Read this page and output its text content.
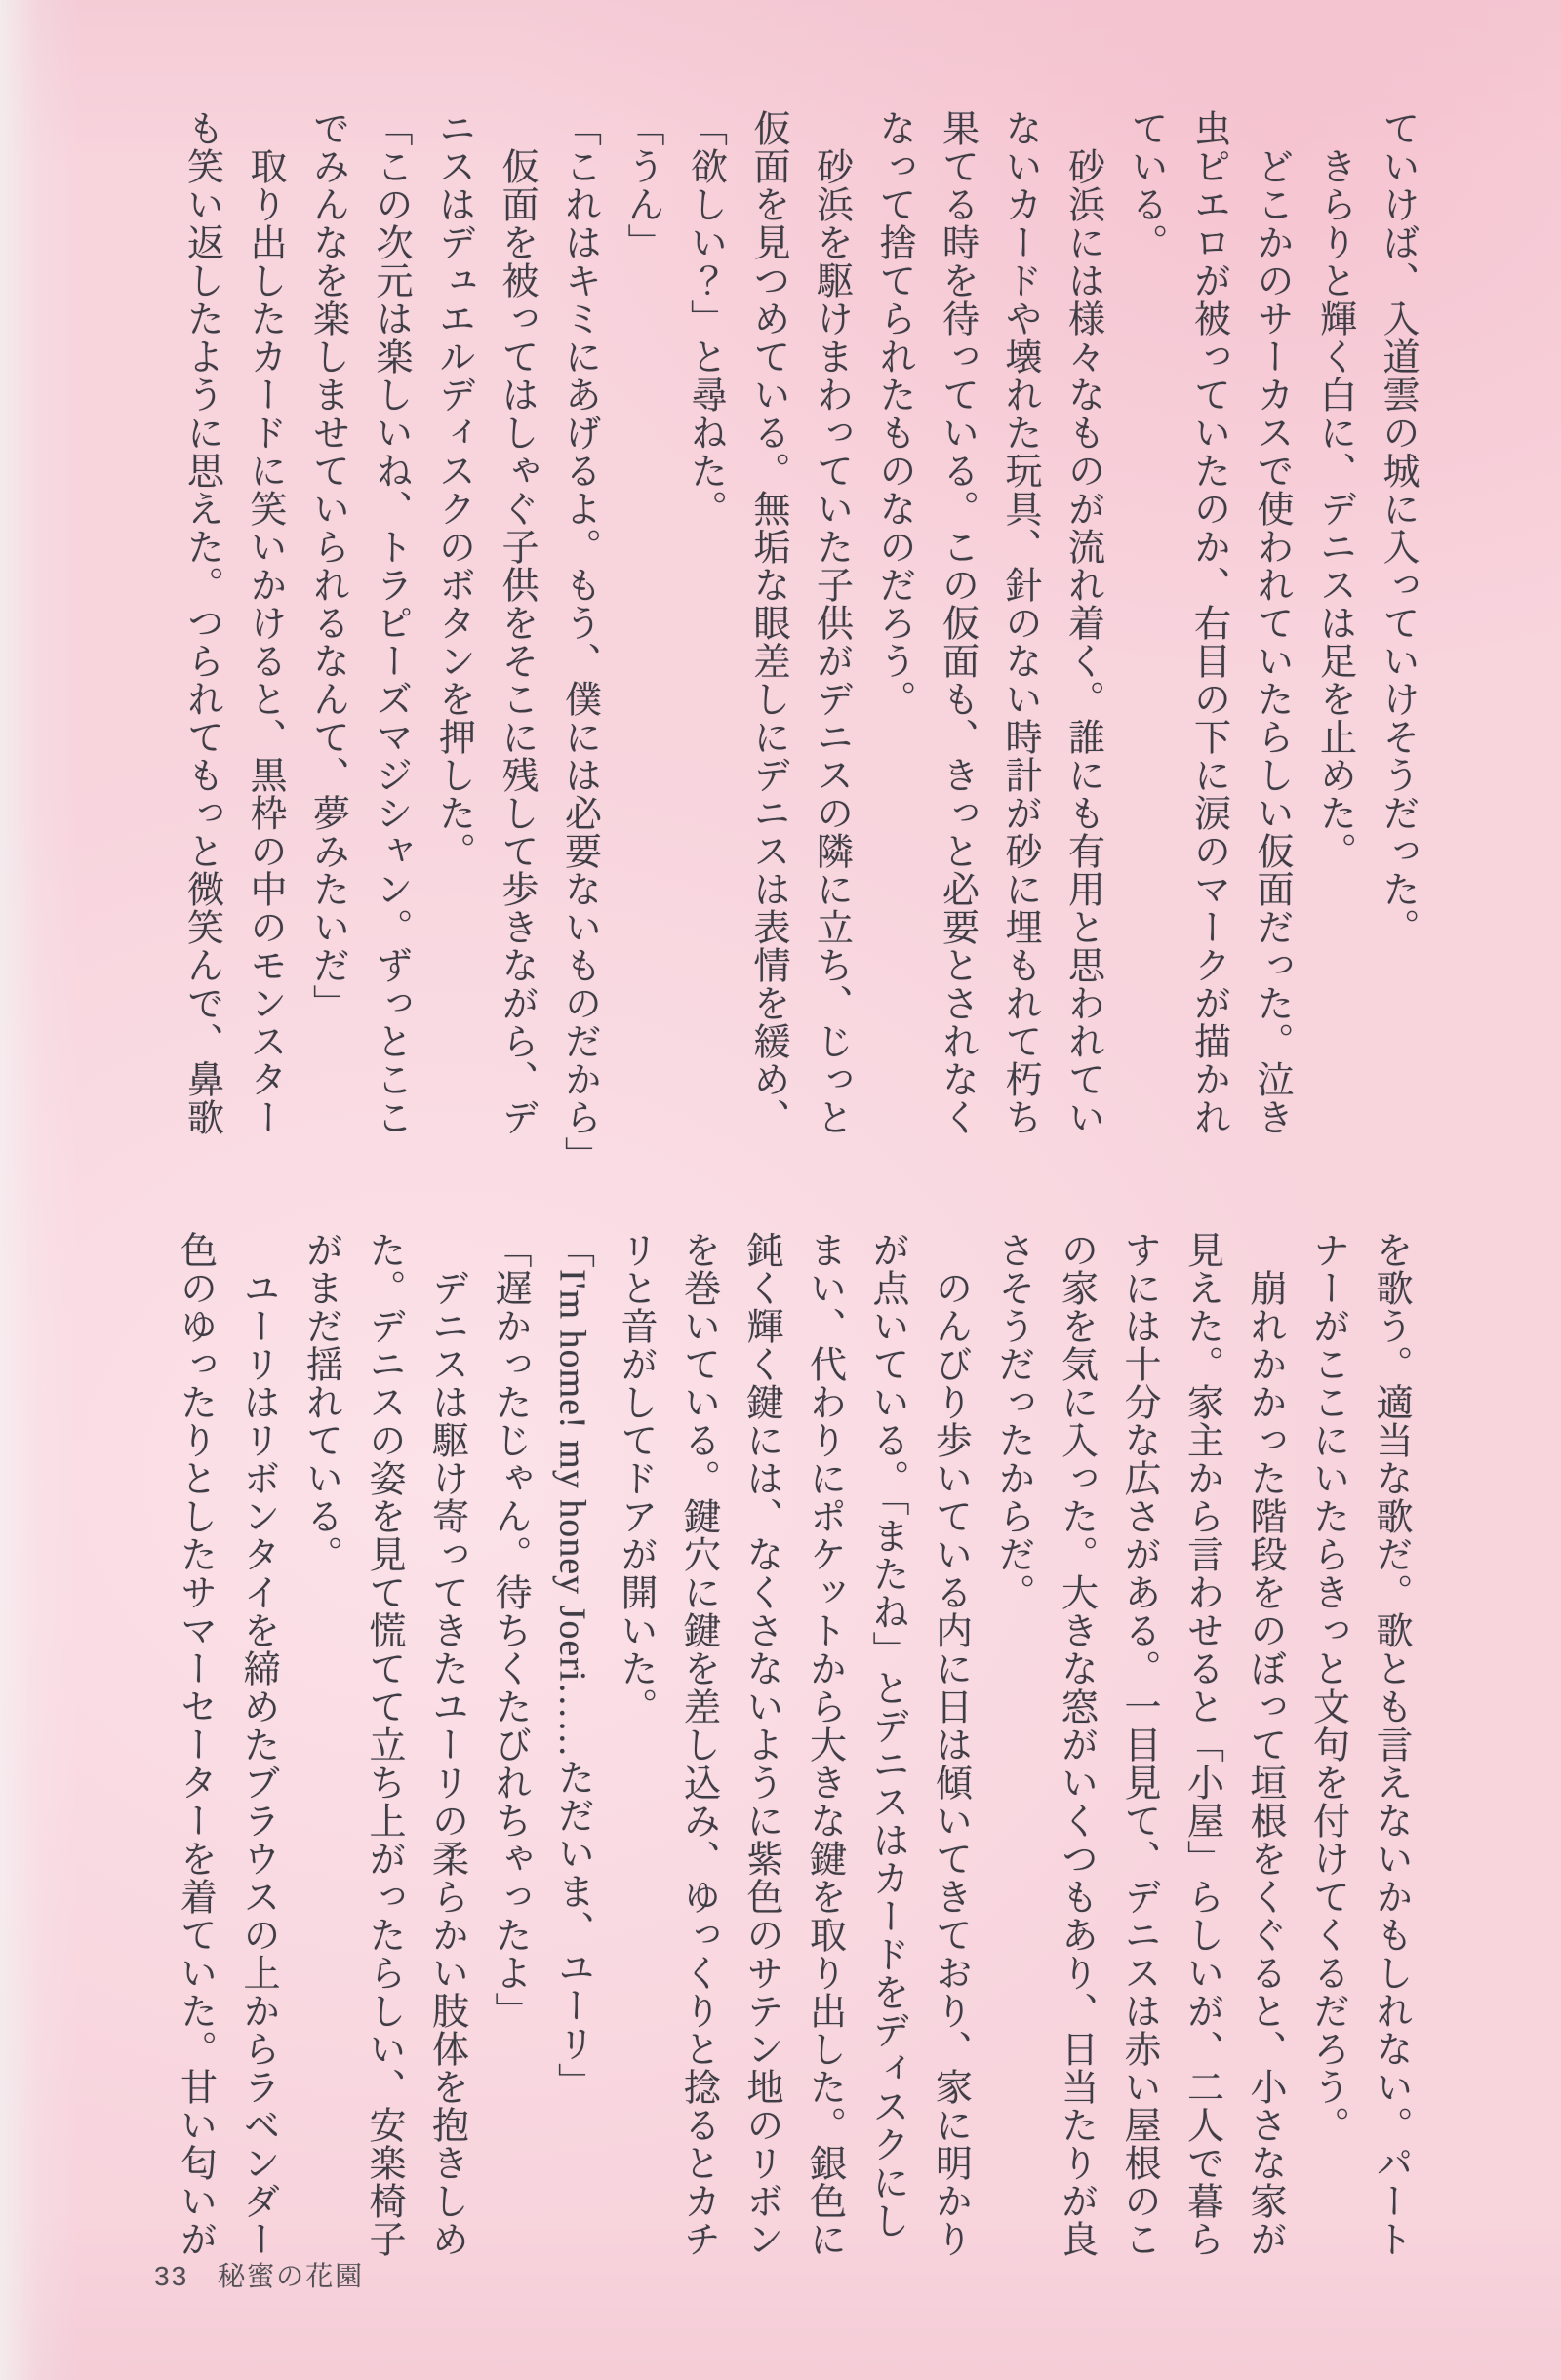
ていけば、入道雲の城に入っていけそうだった。
　きらりと輝く白に、デニスは足を止めた。
　どこかのサーカスで使われていたらしい仮面だった。泣き
虫ピエロが被っていたのか、右目の下に涙のマークが描かれ
ている。
　砂浜には様々なものが流れ着く。誰にも有用と思われてい
ないカードや壊れた玩具、針のない時計が砂に埋もれて朽ち
果てる時を待っている。この仮面も、きっと必要とされなく
なって捨てられたものなのだろう。
　砂浜を駆けまわっていた子供がデニスの隣に立ち、じっと
仮面を見つめている。無垢な眼差しにデニスは表情を緩め、
「欲しい？」と尋ねた。
「うん」
「これはキミにあげるよ。もう、僕には必要ないものだから」
　仮面を被ってはしゃぐ子供をそこに残して歩きながら、デ
ニスはデュエルディスクのボタンを押した。
「この次元は楽しいね、トラピーズマジシャン。ずっとここ
でみんなを楽しませていられるなんて、夢みたいだ」
　取り出したカードに笑いかけると、黒枠の中のモンスター
も笑い返したように思えた。つられてもっと微笑んで、鼻歌
を歌う。適当な歌だ。歌とも言えないかもしれない。パート
ナーがここにいたらきっと文句を付けてくるだろう。
　崩れかかった階段をのぼって垣根をくぐると、小さな家が
見えた。家主から言わせると「小屋」らしいが、二人で暮ら
すには十分な広さがある。一目見て、デニスは赤い屋根のこ
の家を気に入った。大きな窓がいくつもあり、日当たりが良
さそうだったからだ。
　のんびり歩いている内に日は傾いてきており、家に明かり
が点いている。「またね」とデニスはカードをディスクにし
まい、代わりにポケットから大きな鍵を取り出した。銀色に
鈍く輝く鍵には、なくさないように紫色のサテン地のリボン
を巻いている。鍵穴に鍵を差し込み、ゆっくりと捻るとカチ
リと音がしてドアが開いた。
「I'm home! my honey Joeri……ただいま、ユーリ」
「遅かったじゃん。待ちくたびれちゃったよ」
　デニスは駆け寄ってきたユーリの柔らかい肢体を抱きしめ
た。デニスの姿を見て慌てて立ち上がったらしい、安楽椅子
がまだ揺れている。
　ユーリはリボンタイを締めたブラウスの上からラベンダー
色のゆったりとしたサマーセーターを着ていた。甘い匂いが
33 秘蜜の花園
